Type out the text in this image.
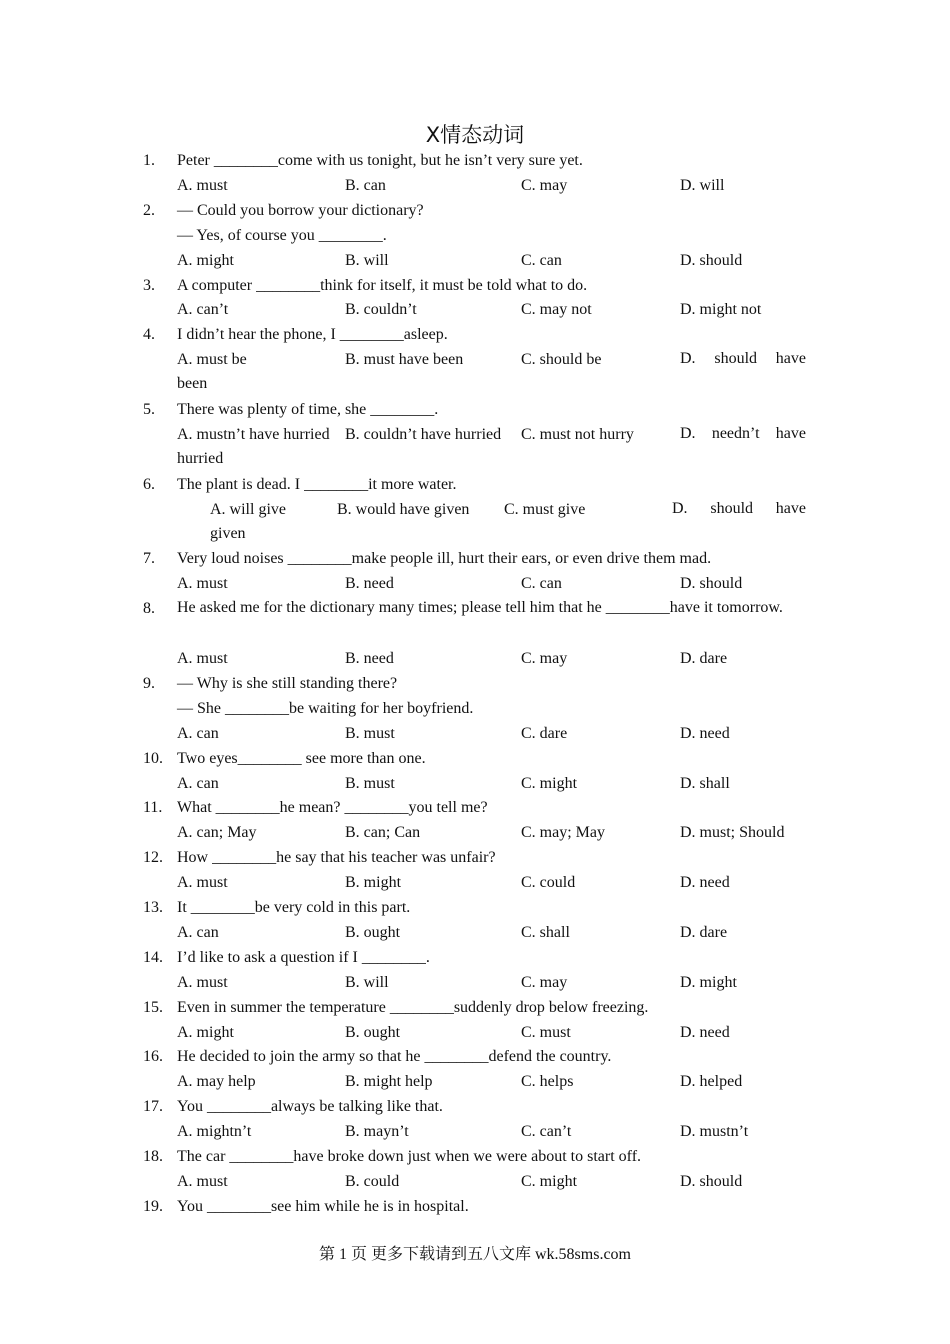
X情态动词
1. Peter ________come with us tonight, but he isn’t very sure yet.
A. must	B. can	C. may	D. will
2. — Could you borrow your dictionary?
— Yes, of course you ________.
A. might	B. will	C. can	D. should
3. A computer ________think for itself, it must be told what to do.
A. can’t	B. couldn’t	C. may not	D. might not
4. I didn’t hear the phone, I ________asleep.
A. must be	B. must have been	C. should be	D. should have
been
5. There was plenty of time, she ________.
A. mustn’t have hurried B. couldn’t have hurried C. must not hurry	D. needn’t have
hurried
6. The plant is dead. I ________it more water.
A. will give	B. would have given C. must give	D. should have
given
7. Very loud noises ________make people ill, hurt their ears, or even drive them mad.
A. must	B. need	C. can	D. should
8. He asked me for the dictionary many times; please tell him that he ________have it tomorrow.
A. must	B. need	C. may	D. dare
9. — Why is she still standing there?
— She ________be waiting for her boyfriend.
A. can	B. must	C. dare	D. need
10. Two eyes________ see more than one.
A. can	B. must	C. might	D. shall
11. What ________he mean? ________you tell me?
A. can; May	B. can; Can	C. may; May	D. must; Should
12. How ________he say that his teacher was unfair?
A. must	B. might	C. could	D. need
13. It ________be very cold in this part.
A. can	B. ought	C. shall	D. dare
14. I’d like to ask a question if I ________.
A. must	B. will	C. may	D. might
15. Even in summer the temperature ________suddenly drop below freezing.
A. might	B. ought	C. must	D. need
16. He decided to join the army so that he ________defend the country.
A. may help	B. might help	C. helps	D. helped
17. You ________always be talking like that.
A. mightn’t	B. mayn’t	C. can’t	D. mustn’t
18. The car ________have broke down just when we were about to start off.
A. must	B. could	C. might	D. should
19. You ________see him while he is in hospital.
第 1 页 更多下载请到五八文库 wk.58sms.com
